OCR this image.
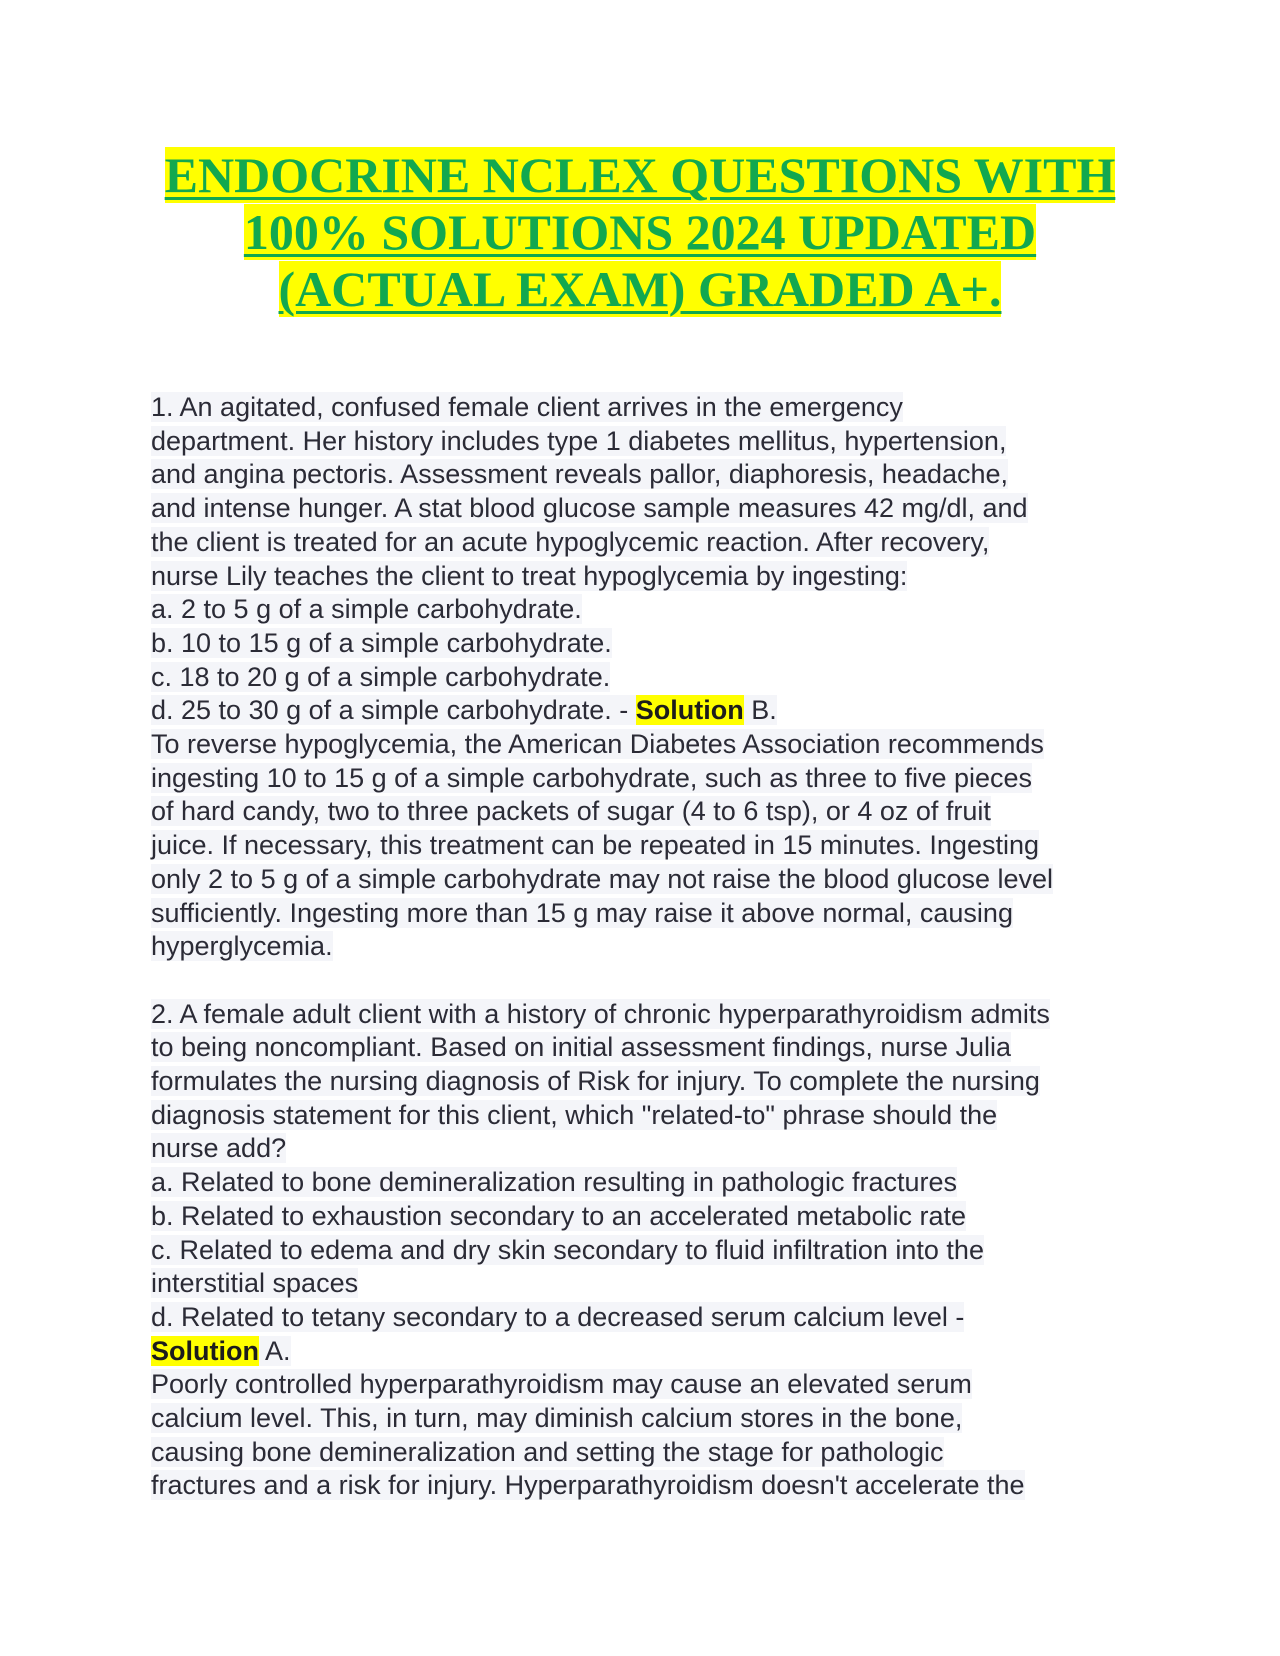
ENDOCRINE NCLEX QUESTIONS WITH
100% SOLUTIONS 2024 UPDATED
(ACTUAL EXAM) GRADED A+.
1. An agitated, confused female client arrives in the emergency
department. Her history includes type 1 diabetes mellitus, hypertension,
and angina pectoris. Assessment reveals pallor, diaphoresis, headache,
and intense hunger. A stat blood glucose sample measures 42 mg/dl, and
the client is treated for an acute hypoglycemic reaction. After recovery,
nurse Lily teaches the client to treat hypoglycemia by ingesting:
a. 2 to 5 g of a simple carbohydrate.
b. 10 to 15 g of a simple carbohydrate.
c. 18 to 20 g of a simple carbohydrate.
d. 25 to 30 g of a simple carbohydrate. - Solution B.
To reverse hypoglycemia, the American Diabetes Association recommends
ingesting 10 to 15 g of a simple carbohydrate, such as three to five pieces
of hard candy, two to three packets of sugar (4 to 6 tsp), or 4 oz of fruit
juice. If necessary, this treatment can be repeated in 15 minutes. Ingesting
only 2 to 5 g of a simple carbohydrate may not raise the blood glucose level
sufficiently. Ingesting more than 15 g may raise it above normal, causing
hyperglycemia.
2. A female adult client with a history of chronic hyperparathyroidism admits
to being noncompliant. Based on initial assessment findings, nurse Julia
formulates the nursing diagnosis of Risk for injury. To complete the nursing
diagnosis statement for this client, which "related-to" phrase should the
nurse add?
a. Related to bone demineralization resulting in pathologic fractures
b. Related to exhaustion secondary to an accelerated metabolic rate
c. Related to edema and dry skin secondary to fluid infiltration into the
interstitial spaces
d. Related to tetany secondary to a decreased serum calcium level -
Solution A.
Poorly controlled hyperparathyroidism may cause an elevated serum
calcium level. This, in turn, may diminish calcium stores in the bone,
causing bone demineralization and setting the stage for pathologic
fractures and a risk for injury. Hyperparathyroidism doesn't accelerate the
